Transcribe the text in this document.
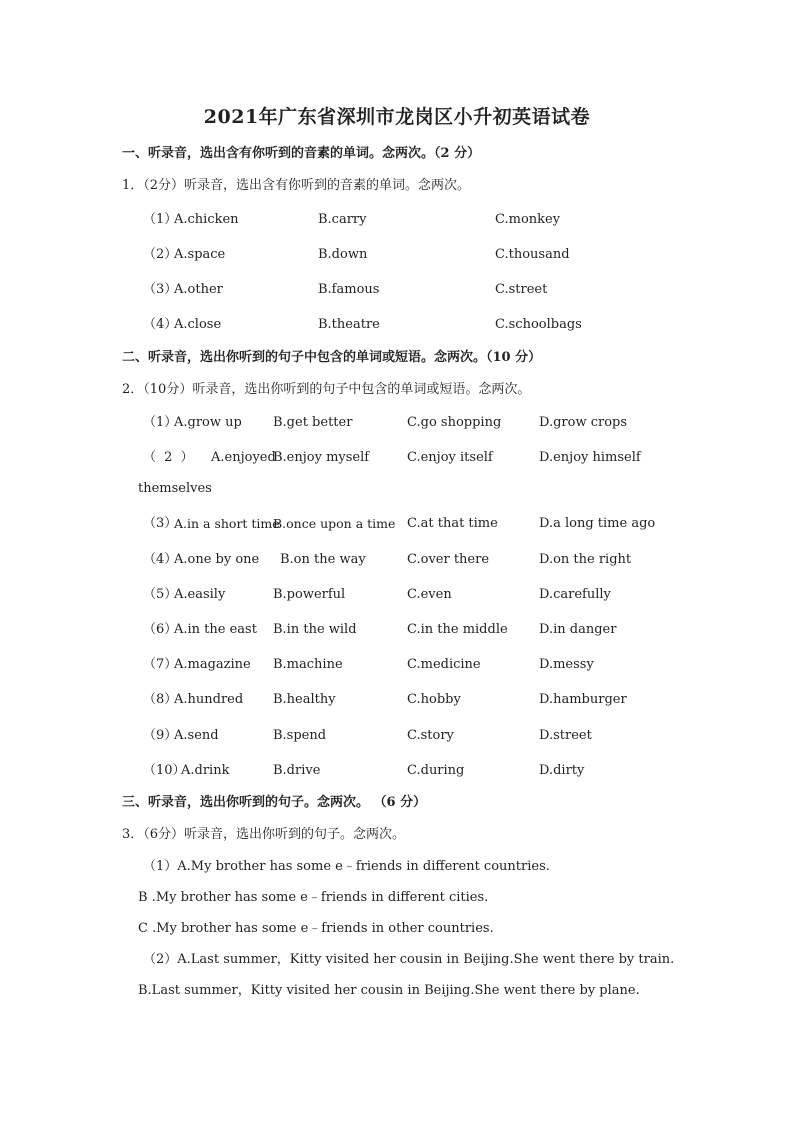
2021年广东省深圳市龙岗区小升初英语试卷
一、听录音，选出含有你听到的音素的单词。念两次。（2 分）
1．（2分）听录音，选出含有你听到的音素的单词。念两次。
（1）
A.chicken	B.carry	C.monkey
（2）
A.space	B.down	C.thousand
（3）
A.other	B.famous	C.street
（4）
A.close	B.theatre	C.schoolbags
二、听录音，选出你听到的句子中包含的单词或短语。念两次。（10 分）
2．（10分）听录音，选出你听到的句子中包含的单词或短语。念两次。
（1）
A.grow up B.get better	C.go shopping	D.grow crops
（ 2 ） A.enjoyed
B.enjoy myself	C.enjoy itself	D.enjoy himself
themselves
（3）
A.in a short time
B.once upon a time C.at that time	D.a long time ago
（4）
A.one by one B.on the way	C.over there	D.on the right
（5）
A.easily	B.powerful	C.even	D.carefully
（6）
A.in the east B.in the wild	C.in the middle D.in danger
（7）
A.magazine B.machine	C.medicine	D.messy
（8）
A.hundred B.healthy	C.hobby	D.hamburger
（9）
A.send	B.spend	C.story	D.street
（10）
A.drink	B.drive	C.during	D.dirty
三、听录音，选出你听到的句子。念两次。 （6 分）
3．（6分）听录音，选出你听到的句子。念两次。
（1）A.My brother has some e﹣friends in different countries.
B .My brother has some e﹣friends in different cities.
C .My brother has some e﹣friends in other countries.
（2）A.Last summer，Kitty visited her cousin in Beijing.She went there by train.
B.Last summer，Kitty visited her cousin in Beijing.She went there by plane.
